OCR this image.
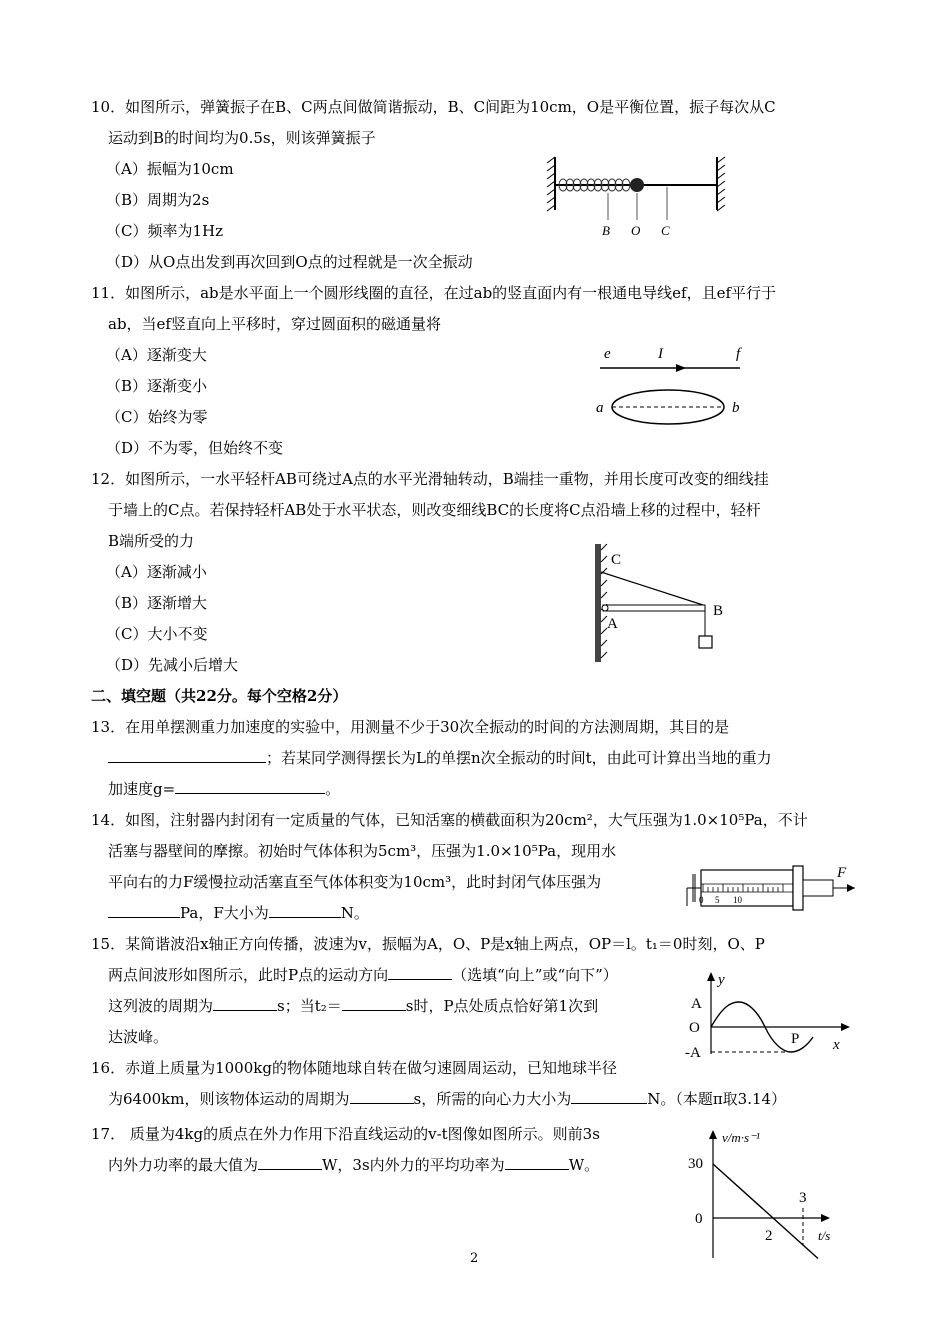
10．如图所示，弹簧振子在B、C两点间做简谐振动，B、C间距为10cm，O是平衡位置，振子每次从C
运动到B的时间均为0.5s，则该弹簧振子
（A）振幅为10cm
（B）周期为2s
（C）频率为1Hz
（D）从O点出发到再次回到O点的过程就是一次全振动
B O C
11．如图所示，ab是水平面上一个圆形线圈的直径，在过ab的竖直面内有一根通电导线ef，且ef平行于
ab，当ef竖直向上平移时，穿过圆面积的磁通量将
（A）逐渐变大
（B）逐渐变小
（C）始终为零
（D）不为零，但始终不变
e	I	f
a	b
12．如图所示，一水平轻杆AB可绕过A点的水平光滑轴转动，B端挂一重物，并用长度可改变的细线挂
于墙上的C点。若保持轻杆AB处于水平状态，则改变细线BC的长度将C点沿墙上移的过程中，轻杆
B端所受的力
（A）逐渐减小
（B）逐渐增大
（C）大小不变
（D）先减小后增大
C
A
B
二、填空题（共22分。每个空格2分）
13．在用单摆测重力加速度的实验中，用测量不少于30次全振动的时间的方法测周期，其目的是
；若某同学测得摆长为L的单摆n次全振动的时间t，由此可计算出当地的重力
加速度g=	。
14．如图，注射器内封闭有一定质量的气体，已知活塞的横截面积为20cm²，大气压强为1.0×10⁵Pa，不计
活塞与器壁间的摩擦。初始时气体体积为5cm³，压强为1.0×10⁵Pa，现用水
平向右的力F缓慢拉动活塞直至气体体积变为10cm³，此时封闭气体压强为
Pa，F大小为	N。
0 5 10
F
15．某简谐波沿x轴正方向传播，波速为v，振幅为A，O、P是x轴上两点，OP＝l。t₁＝0时刻，O、P
两点间波形如图所示，此时P点的运动方向	（选填“向上”或“向下”）
这列波的周期为	s；当t₂＝	s时，P点处质点恰好第1次到
达波峰。
y
x
A
O
-A
P
16．赤道上质量为1000kg的物体随地球自转在做匀速圆周运动，已知地球半径
为6400km，则该物体运动的周期为	s，所需的向心力大小为	N。（本题π取3.14）
17． 质量为4kg的质点在外力作用下沿直线运动的v-t图像如图所示。则前3s
内外力功率的最大值为	W，3s内外力的平均功率为	W。
v/m·s⁻¹
t/s
30
0
2
3
2
